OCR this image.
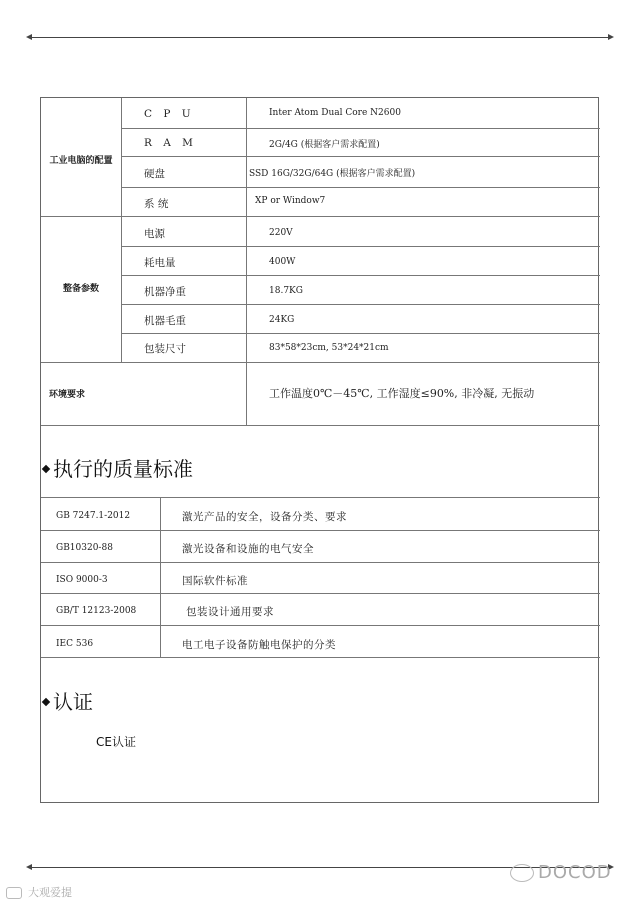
工业电脑的配置
C P U	Inter Atom Dual Core N2600
R A M	2G/4G (根据客户需求配置)
硬盘	SSD 16G/32G/64G (根据客户需求配置)
系 统	XP or Window7
整备参数
电源	220V
耗电量	400W
机器净重	18.7KG
机器毛重	24KG
包装尺寸	83*58*23cm, 53*24*21cm
环境要求	工作温度0℃－45℃, 工作湿度≤90%, 非冷凝, 无振动
执行的质量标准
GB 7247.1-2012	激光产品的安全，设备分类、要求
GB10320-88	激光设备和设施的电气安全
ISO 9000-3	国际软件标准
GB/T 12123-2008	包装设计通用要求
IEC 536	电工电子设备防触电保护的分类
认证
CE认证
DOCOD
大观爱提
